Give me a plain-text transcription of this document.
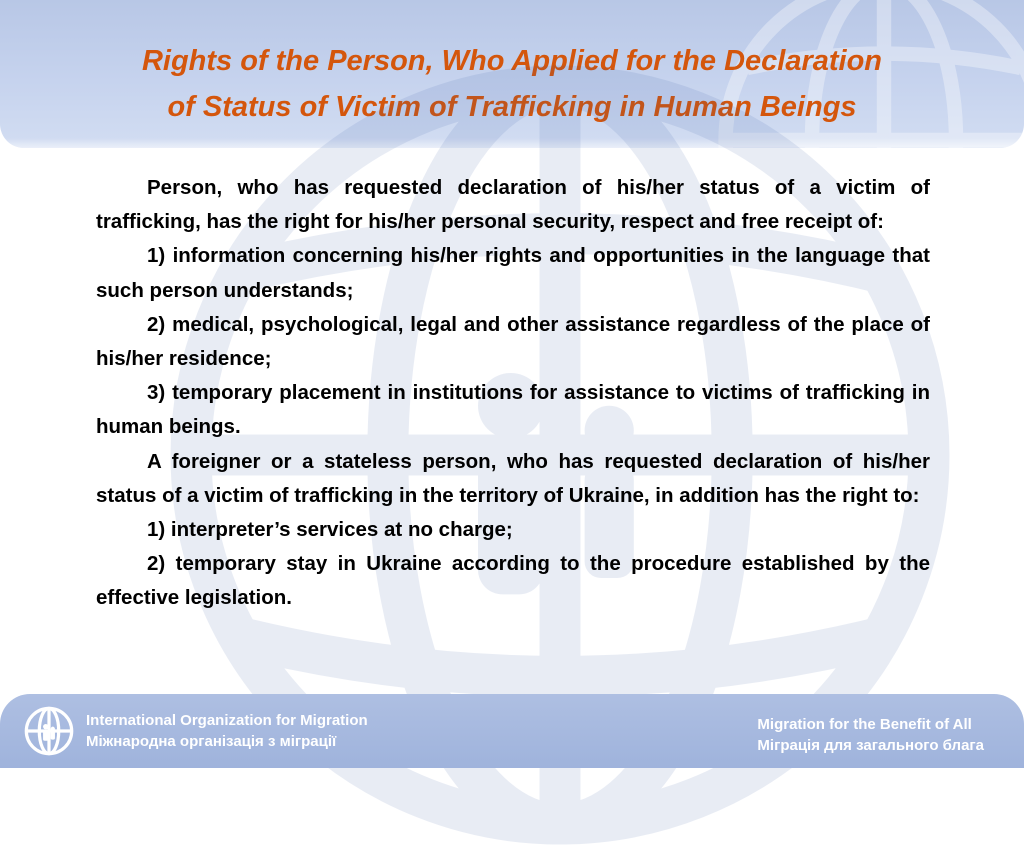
Rights of the Person, Who Applied for the Declaration
of Status of Victim of Trafficking in Human Beings

Person, who has requested declaration of his/her status of a victim of trafficking, has the right for his/her personal security, respect and free receipt of:

1) information concerning his/her rights and opportunities in the language that such person understands;

2) medical, psychological, legal and other assistance regardless of the place of his/her residence;

3) temporary placement in institutions for assistance to victims of trafficking in human beings.

A foreigner or a stateless person, who has requested declaration of his/her status of a victim of trafficking in the territory of Ukraine, in addition has the right to:

1) interpreter’s services at no charge;

2) temporary stay in Ukraine according to the procedure established by the effective legislation.

International Organization for Migration
Міжнародна організація з міграції
Migration for the Benefit of All
Міграція для загального блага
